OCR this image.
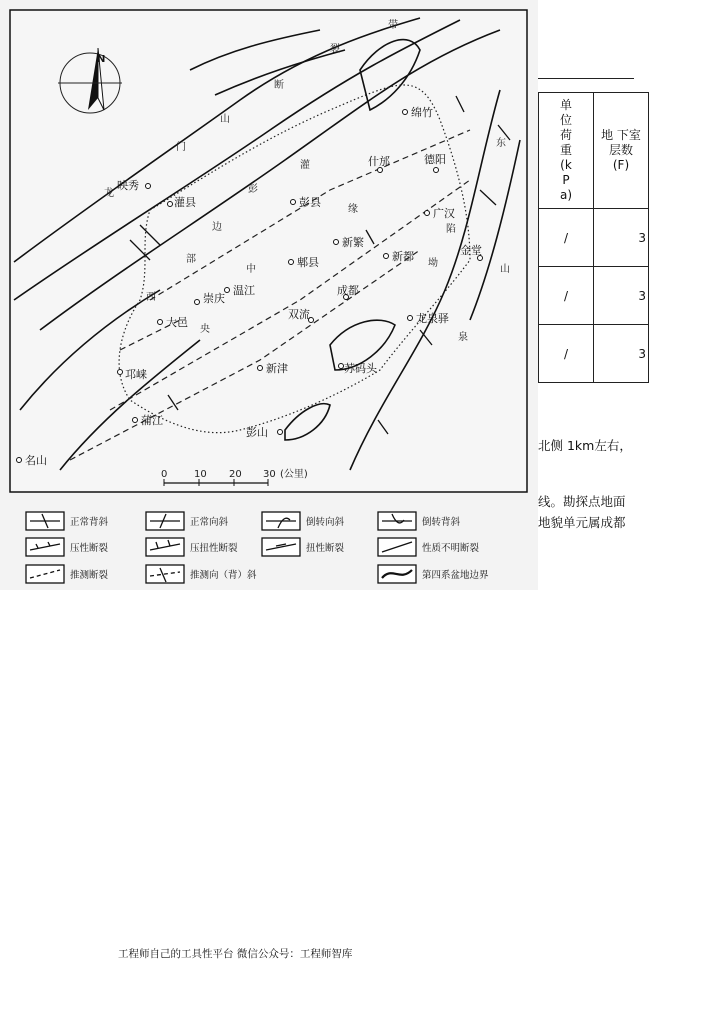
单位荷重(kPa)	地 下室 层数(F)
/	3
/	3
/	3
北侧 1km左右，
线。勘探点地面
地貌单元属成都
绵竹
什邡	德阳
广汉
映秀
灌县	彭县
新繁
新都
郫县
金堂
崇庆
温江	成都
龙泉驿
双流
大邑
新津	苏码头
邛崃
蒲江
彭山
名山
龙
门
山
断
裂
带
彭
灌
西
部
边
缘
坳
陷
中
央
东
泉
山
0	10 20 30 (公里)
正常背斜	正常向斜	倒转向斜	倒转背斜
压性断裂	压扭性断裂	扭性断裂	性质不明断裂
推测断裂	推测向（背）斜	第四系盆地边界
N
工程师自己的工具性平台 微信公众号：工程师智库
